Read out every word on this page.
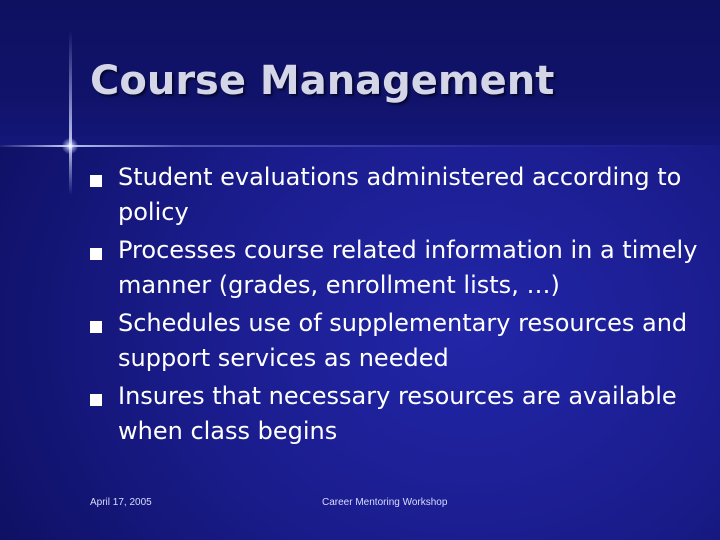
Course Management
Student evaluations administered according to policy
Processes course related information in a timely manner (grades, enrollment lists, …)
Schedules use of supplementary resources and support services as needed
Insures that necessary resources are available when class begins
April 17, 2005	Career Mentoring Workshop
